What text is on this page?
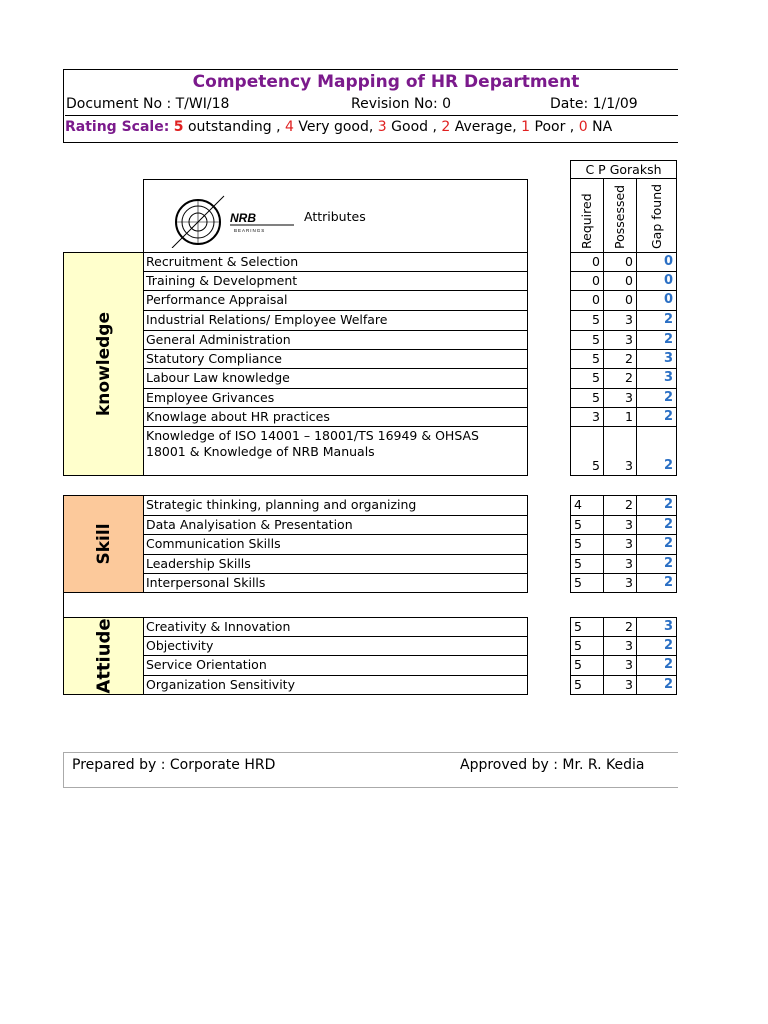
Competency Mapping of HR Department
Document No : T/WI/18	Revision No: 0	Date: 1/1/09
Rating Scale: 5 outstanding , 4 Very good, 3 Good , 2 Average, 1 Poor , 0 NA
NRB
BEARINGS
Attributes
C P Goraksh
Required Possessed Gap found
knowledge
Skill
Attiude
Recruitment & Selection	0	0	0
Training & Development	0	0	0
Performance Appraisal	0	0	0
Industrial Relations/ Employee Welfare	5	3	2
General Administration	5	3	2
Statutory Compliance	5	2	3
Labour Law knowledge	5	2	3
Employee Grivances	5	3	2
Knowlage about HR practices	3	1	2
Knowledge of ISO 14001 – 18001/TS 16949 & OHSAS
18001 & Knowledge of NRB Manuals
5	3	2
Strategic thinking, planning and organizing	4	2	2
Data Analyisation & Presentation	5	3	2
Communication Skills	5	3	2
Leadership Skills	5	3	2
Interpersonal Skills	5	3	2
Creativity & Innovation	5	2	3
Objectivity	5	3	2
Service Orientation	5	3	2
Organization Sensitivity	5	3	2
Prepared by : Corporate HRD	Approved by : Mr. R. Kedia
